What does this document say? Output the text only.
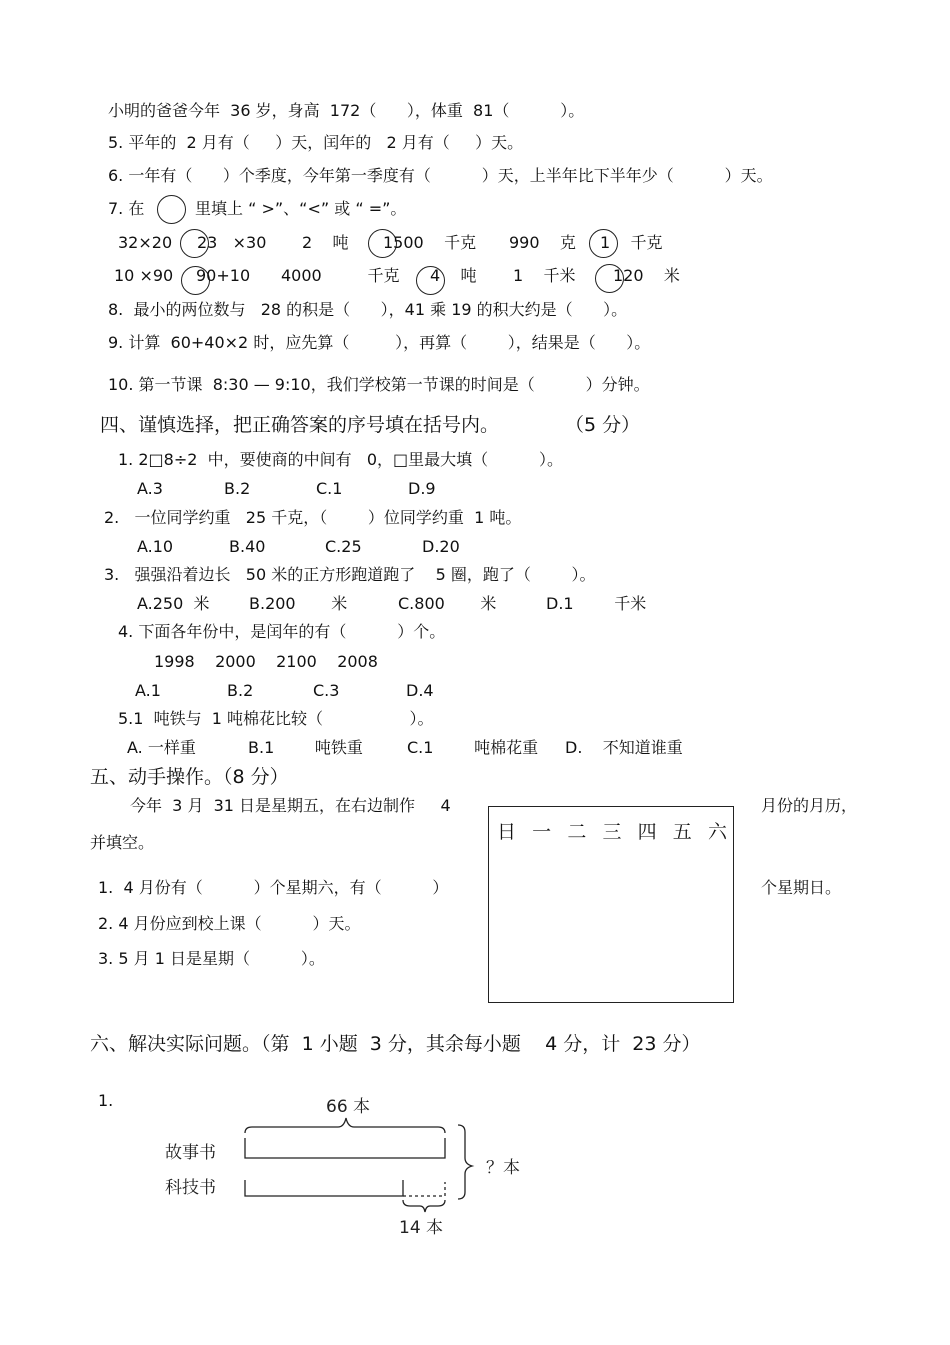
小明的爸爸今年  36 岁，身高  172（      ），体重  81（          ）。
5. 平年的  2 月有（     ）天，闰年的   2 月有（     ）天。
6. 一年有（      ）个季度，今年第一季度有（          ）天，上半年比下半年少（          ）天。
7. 在	里填上 “ >”、“<” 或 “ =”。
32×20 23   ×30 2    吨 1500    千克 990    克 1    千克
10 ×90 90+10 4000         千克 4    吨 1    千米 120    米
8.  最小的两位数与   28 的积是（      ），41 乘 19 的积大约是（      ）。
9. 计算  60+40×2 时，应先算（         ），再算（        ），结果是（      ）。
10. 第一节课  8:30 — 9:10，我们学校第一节课的时间是（          ）分钟。
四、谨慎选择，把正确答案的序号填在括号内。	（5 分）
1. 2□8÷2  中，要使商的中间有   0，□里最大填（          ）。
A.3	B.2	C.1	D.9
2.   一位同学约重   25 千克，（        ）位同学约重  1 吨。
A.10	B.40	C.25	D.20
3.   强强沿着边长   50 米的正方形跑道跑了    5 圈，跑了（        ）。
A.250  米 B.200       米	C.800       米	D.1        千米
4. 下面各年份中，是闰年的有（          ）个。
1998    2000    2100    2008
A.1	B.2	C.3	D.4
5.1  吨铁与  1 吨棉花比较（                 ）。
A. 一样重	B.1        吨铁重	C.1        吨棉花重 D.    不知道谁重
五、动手操作。（8 分）
今年  3 月  31 日是星期五，在右边制作     4	月份的月历，
并填空。	日 一 二 三 四 五 六
1.  4 月份有（          ）个星期六，有（          ）	个星期日。
2. 4 月份应到校上课（          ）天。
3. 5 月 1 日是星期（          ）。
六、解决实际问题。（第  1 小题  3 分，其余每小题    4 分，计  23 分）
1.	66 本
故事书
科技书
14 本
？本
